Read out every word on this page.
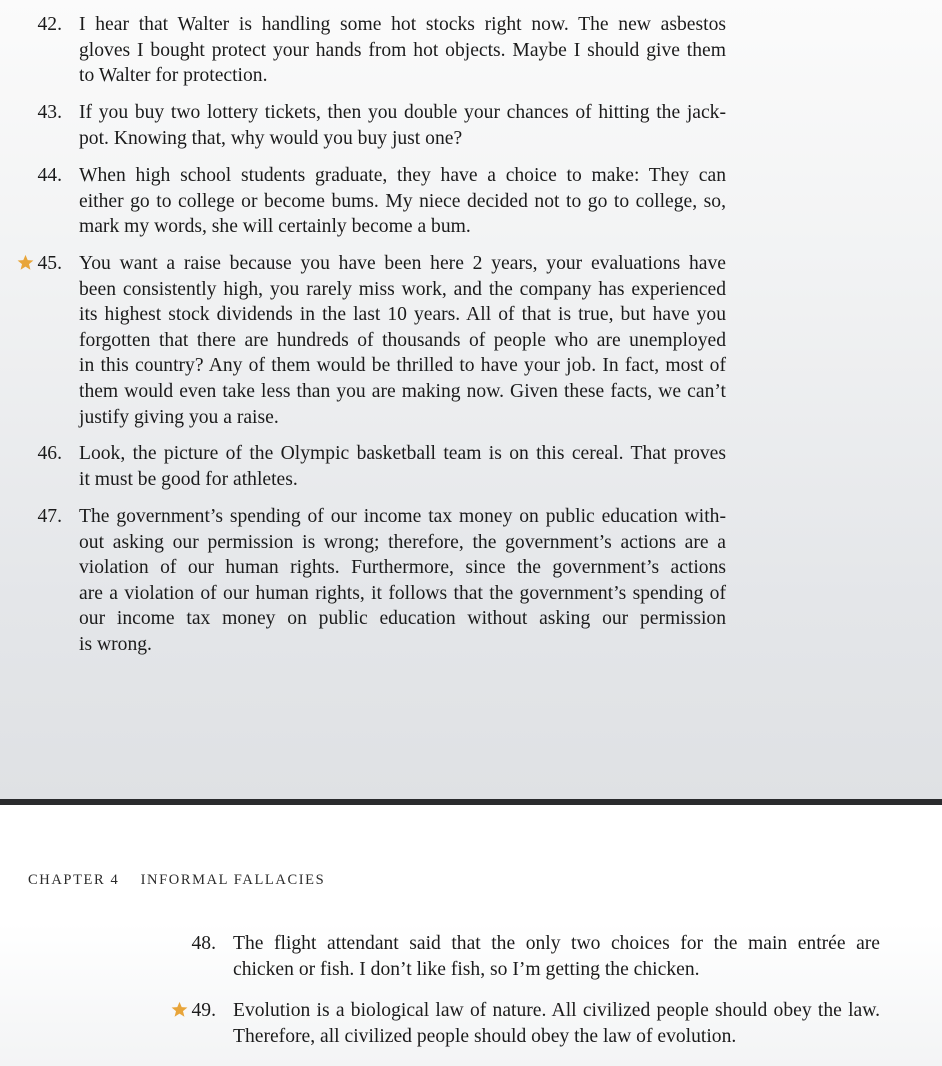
42. I hear that Walter is handling some hot stocks right now. The new asbestos
gloves I bought protect your hands from hot objects. Maybe I should give them
to Walter for protection.
43. If you buy two lottery tickets, then you double your chances of hitting the jack-
pot. Knowing that, why would you buy just one?
44. When high school students graduate, they have a choice to make: They can
either go to college or become bums. My niece decided not to go to college, so,
mark my words, she will certainly become a bum.
45. You want a raise because you have been here 2 years, your evaluations have
been consistently high, you rarely miss work, and the company has experienced
its highest stock dividends in the last 10 years. All of that is true, but have you
forgotten that there are hundreds of thousands of people who are unemployed
in this country? Any of them would be thrilled to have your job. In fact, most of
them would even take less than you are making now. Given these facts, we can’t
justify giving you a raise.
46. Look, the picture of the Olympic basketball team is on this cereal. That proves
it must be good for athletes.
47. The government’s spending of our income tax money on public education with-
out asking our permission is wrong; therefore, the government’s actions are a
violation of our human rights. Furthermore, since the government’s actions
are a violation of our human rights, it follows that the government’s spending of
our income tax money on public education without asking our permission
is wrong.
CHAPTER 4 INFORMAL FALLACIES
48. The flight attendant said that the only two choices for the main entrée are
chicken or fish. I don’t like fish, so I’m getting the chicken.
49. Evolution is a biological law of nature. All civilized people should obey the law.
Therefore, all civilized people should obey the law of evolution.
